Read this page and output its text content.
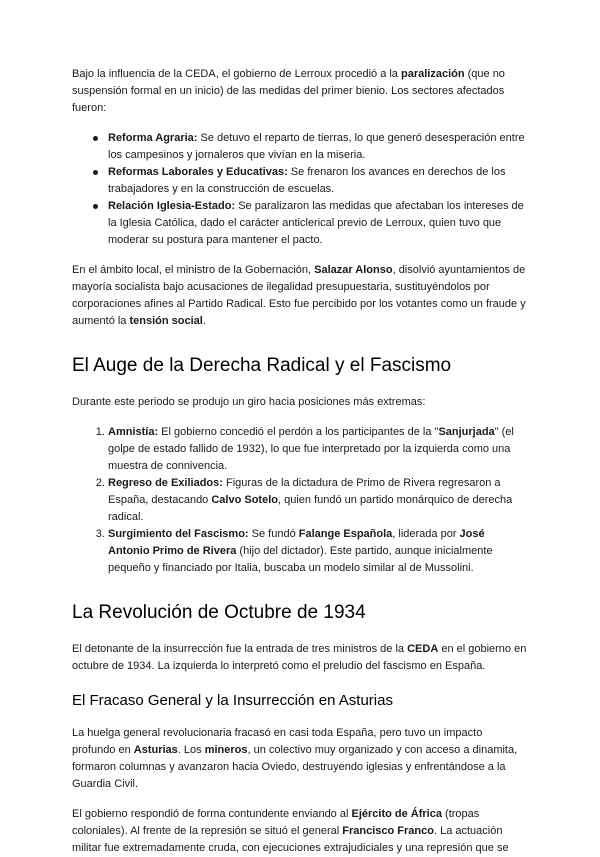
Bajo la influencia de la CEDA, el gobierno de Lerroux procedió a la paralización (que no suspensión formal en un inicio) de las medidas del primer bienio. Los sectores afectados fueron:

Reforma Agraria: Se detuvo el reparto de tierras, lo que generó desesperación entre los campesinos y jornaleros que vivían en la miseria.
Reformas Laborales y Educativas: Se frenaron los avances en derechos de los trabajadores y en la construcción de escuelas.
Relación Iglesia-Estado: Se paralizaron las medidas que afectaban los intereses de la Iglesia Católica, dado el carácter anticlerical previo de Lerroux, quien tuvo que moderar su postura para mantener el pacto.

En el ámbito local, el ministro de la Gobernación, Salazar Alonso, disolvió ayuntamientos de mayoría socialista bajo acusaciones de ilegalidad presupuestaria, sustituyéndolos por corporaciones afines al Partido Radical. Esto fue percibido por los votantes como un fraude y aumentó la tensión social.

El Auge de la Derecha Radical y el Fascismo

Durante este periodo se produjo un giro hacia posiciones más extremas:

1. Amnistía: El gobierno concedió el perdón a los participantes de la "Sanjurjada" (el golpe de estado fallido de 1932), lo que fue interpretado por la izquierda como una muestra de connivencia.
2. Regreso de Exiliados: Figuras de la dictadura de Primo de Rivera regresaron a España, destacando Calvo Sotelo, quien fundó un partido monárquico de derecha radical.
3. Surgimiento del Fascismo: Se fundó Falange Española, liderada por José Antonio Primo de Rivera (hijo del dictador). Este partido, aunque inicialmente pequeño y financiado por Italia, buscaba un modelo similar al de Mussolini.
La Revolución de Octubre de 1934

El detonante de la insurrección fue la entrada de tres ministros de la CEDA en el gobierno en octubre de 1934. La izquierda lo interpretó como el preludio del fascismo en España.

El Fracaso General y la Insurrección en Asturias

La huelga general revolucionaria fracasó en casi toda España, pero tuvo un impacto profundo en Asturias. Los mineros, un colectivo muy organizado y con acceso a dinamita, formaron columnas y avanzaron hacia Oviedo, destruyendo iglesias y enfrentándose a la Guardia Civil.

El gobierno respondió de forma contundente enviando al Ejército de África (tropas coloniales). Al frente de la represión se situó el general Francisco Franco. La actuación militar fue extremadamente cruda, con ejecuciones extrajudiciales y una represión que se
